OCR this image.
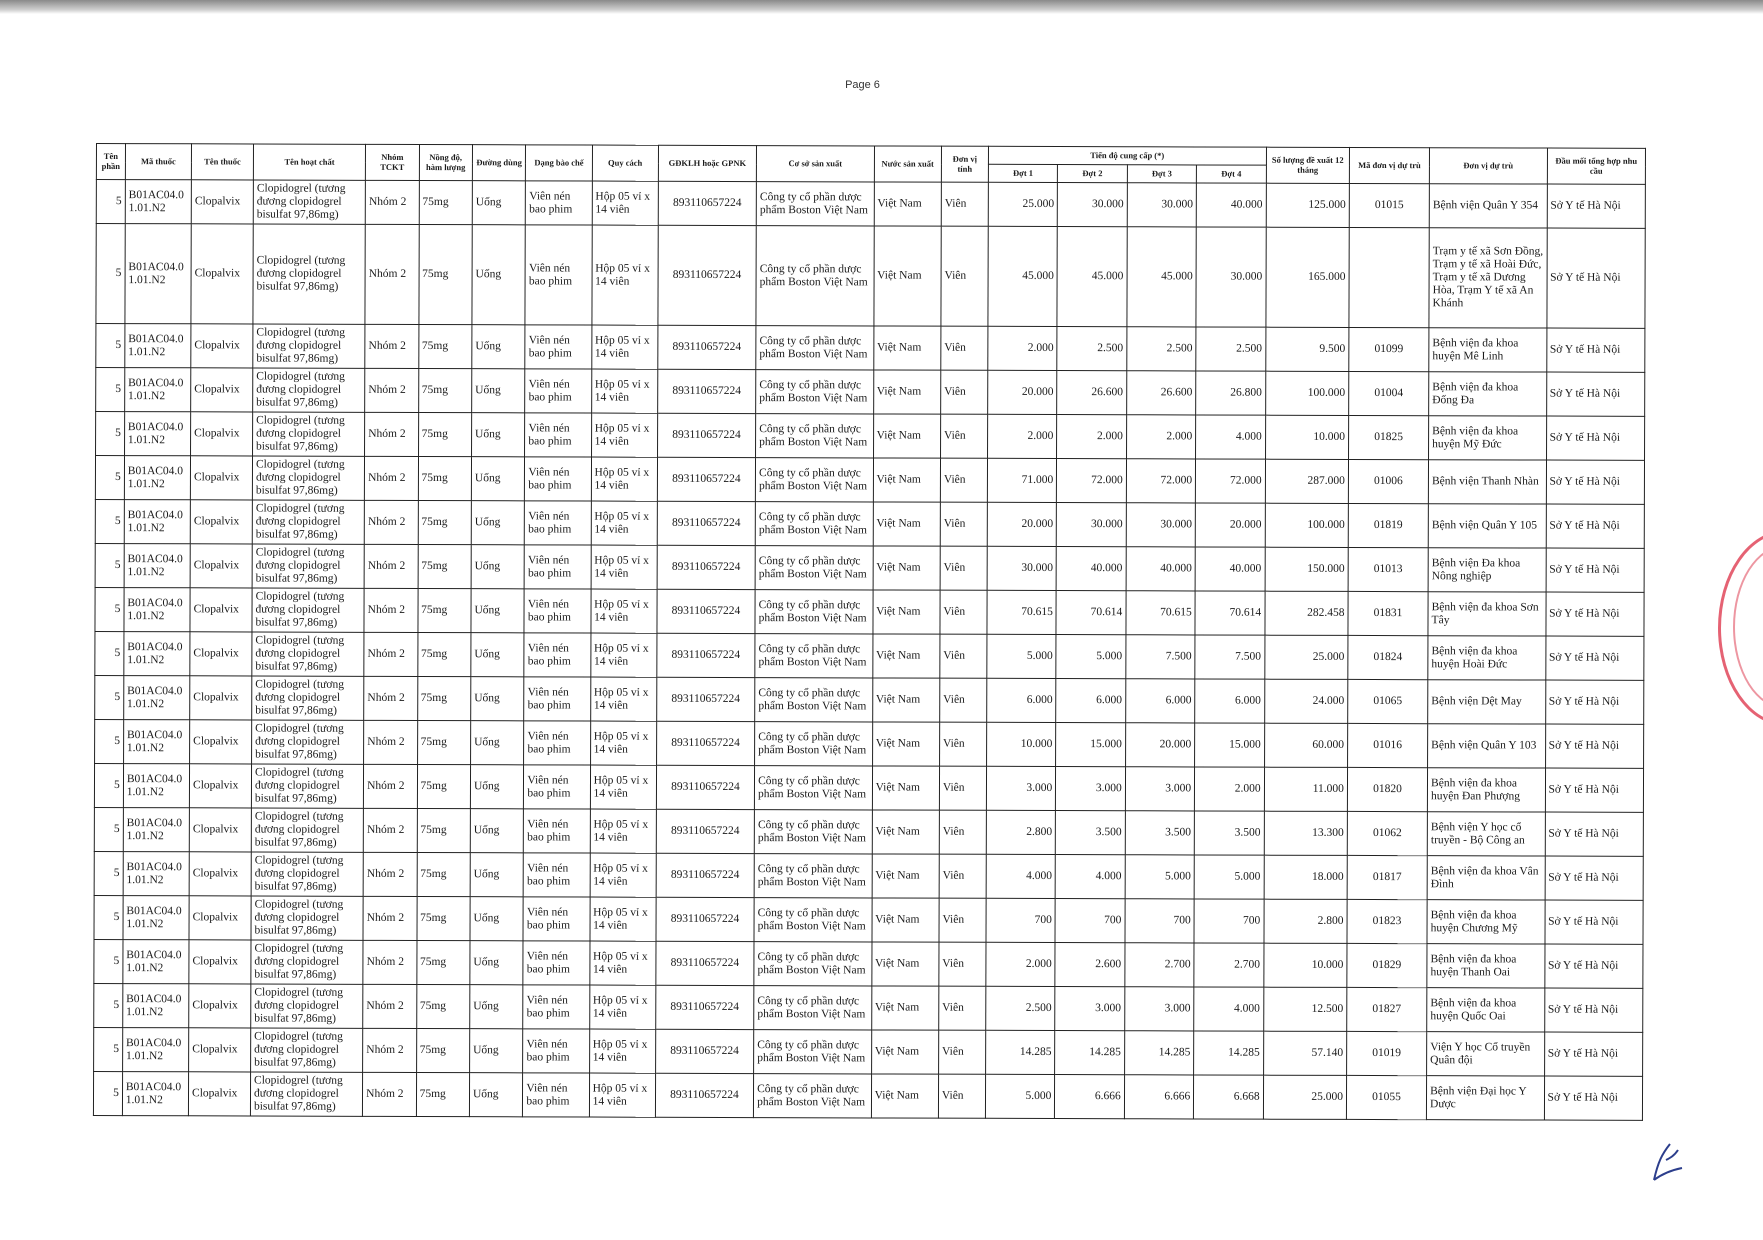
Page 6
Tên phần	Mã thuốc	Tên thuốc	Tên hoạt chất	Nhóm TCKT	Nồng độ, hàm lượng	Đường dùng	Dạng bào chế	Quy cách	GĐKLH hoặc GPNK	Cơ sở sản xuất	Nước sản xuất	Đơn vị tính	Tiến độ cung cấp (*)				Số lượng đề xuất 12 tháng	Mã đơn vị dự trù	Đơn vị dự trù	Đầu mối tổng hợp nhu cầu
													Đợt 1	Đợt 2	Đợt 3	Đợt 4				
5	B01AC04.0 1.01.N2	Clopalvix	Clopidogrel (tương đương clopidogrel bisulfat 97,86mg)	Nhóm 2	75mg	Uống	Viên nén bao phim	Hộp 05 vỉ x 14 viên	893110657224	Công ty cổ phần dược phẩm Boston Việt Nam	Việt Nam	Viên	25.000	30.000	30.000	40.000	125.000	01015	Bệnh viện Quân Y 354	Sở Y tế Hà Nội
5	B01AC04.0 1.01.N2	Clopalvix	Clopidogrel (tương đương clopidogrel bisulfat 97,86mg)	Nhóm 2	75mg	Uống	Viên nén bao phim	Hộp 05 vỉ x 14 viên	893110657224	Công ty cổ phần dược phẩm Boston Việt Nam	Việt Nam	Viên	45.000	45.000	45.000	30.000	165.000		Trạm y tế xã Sơn Đồng, Trạm y tế xã Hoài Đức, Trạm y tế xã Dương Hòa, Trạm Y tế xã An Khánh	Sở Y tế Hà Nội
5	B01AC04.0 1.01.N2	Clopalvix	Clopidogrel (tương đương clopidogrel bisulfat 97,86mg)	Nhóm 2	75mg	Uống	Viên nén bao phim	Hộp 05 vỉ x 14 viên	893110657224	Công ty cổ phần dược phẩm Boston Việt Nam	Việt Nam	Viên	2.000	2.500	2.500	2.500	9.500	01099	Bệnh viện đa khoa huyện Mê Linh	Sở Y tế Hà Nội
5	B01AC04.0 1.01.N2	Clopalvix	Clopidogrel (tương đương clopidogrel bisulfat 97,86mg)	Nhóm 2	75mg	Uống	Viên nén bao phim	Hộp 05 vỉ x 14 viên	893110657224	Công ty cổ phần dược phẩm Boston Việt Nam	Việt Nam	Viên	20.000	26.600	26.600	26.800	100.000	01004	Bệnh viện đa khoa Đống Đa	Sở Y tế Hà Nội
5	B01AC04.0 1.01.N2	Clopalvix	Clopidogrel (tương đương clopidogrel bisulfat 97,86mg)	Nhóm 2	75mg	Uống	Viên nén bao phim	Hộp 05 vỉ x 14 viên	893110657224	Công ty cổ phần dược phẩm Boston Việt Nam	Việt Nam	Viên	2.000	2.000	2.000	4.000	10.000	01825	Bệnh viện đa khoa huyện Mỹ Đức	Sở Y tế Hà Nội
5	B01AC04.0 1.01.N2	Clopalvix	Clopidogrel (tương đương clopidogrel bisulfat 97,86mg)	Nhóm 2	75mg	Uống	Viên nén bao phim	Hộp 05 vỉ x 14 viên	893110657224	Công ty cổ phần dược phẩm Boston Việt Nam	Việt Nam	Viên	71.000	72.000	72.000	72.000	287.000	01006	Bệnh viện Thanh Nhàn	Sở Y tế Hà Nội
5	B01AC04.0 1.01.N2	Clopalvix	Clopidogrel (tương đương clopidogrel bisulfat 97,86mg)	Nhóm 2	75mg	Uống	Viên nén bao phim	Hộp 05 vỉ x 14 viên	893110657224	Công ty cổ phần dược phẩm Boston Việt Nam	Việt Nam	Viên	20.000	30.000	30.000	20.000	100.000	01819	Bệnh viện Quân Y 105	Sở Y tế Hà Nội
5	B01AC04.0 1.01.N2	Clopalvix	Clopidogrel (tương đương clopidogrel bisulfat 97,86mg)	Nhóm 2	75mg	Uống	Viên nén bao phim	Hộp 05 vỉ x 14 viên	893110657224	Công ty cổ phần dược phẩm Boston Việt Nam	Việt Nam	Viên	30.000	40.000	40.000	40.000	150.000	01013	Bệnh viện Đa khoa Nông nghiệp	Sở Y tế Hà Nội
5	B01AC04.0 1.01.N2	Clopalvix	Clopidogrel (tương đương clopidogrel bisulfat 97,86mg)	Nhóm 2	75mg	Uống	Viên nén bao phim	Hộp 05 vỉ x 14 viên	893110657224	Công ty cổ phần dược phẩm Boston Việt Nam	Việt Nam	Viên	70.615	70.614	70.615	70.614	282.458	01831	Bệnh viện đa khoa Sơn Tây	Sở Y tế Hà Nội
5	B01AC04.0 1.01.N2	Clopalvix	Clopidogrel (tương đương clopidogrel bisulfat 97,86mg)	Nhóm 2	75mg	Uống	Viên nén bao phim	Hộp 05 vỉ x 14 viên	893110657224	Công ty cổ phần dược phẩm Boston Việt Nam	Việt Nam	Viên	5.000	5.000	7.500	7.500	25.000	01824	Bệnh viện đa khoa huyện Hoài Đức	Sở Y tế Hà Nội
5	B01AC04.0 1.01.N2	Clopalvix	Clopidogrel (tương đương clopidogrel bisulfat 97,86mg)	Nhóm 2	75mg	Uống	Viên nén bao phim	Hộp 05 vỉ x 14 viên	893110657224	Công ty cổ phần dược phẩm Boston Việt Nam	Việt Nam	Viên	6.000	6.000	6.000	6.000	24.000	01065	Bệnh viện Dệt May	Sở Y tế Hà Nội
5	B01AC04.0 1.01.N2	Clopalvix	Clopidogrel (tương đương clopidogrel bisulfat 97,86mg)	Nhóm 2	75mg	Uống	Viên nén bao phim	Hộp 05 vỉ x 14 viên	893110657224	Công ty cổ phần dược phẩm Boston Việt Nam	Việt Nam	Viên	10.000	15.000	20.000	15.000	60.000	01016	Bệnh viện Quân Y 103	Sở Y tế Hà Nội
5	B01AC04.0 1.01.N2	Clopalvix	Clopidogrel (tương đương clopidogrel bisulfat 97,86mg)	Nhóm 2	75mg	Uống	Viên nén bao phim	Hộp 05 vỉ x 14 viên	893110657224	Công ty cổ phần dược phẩm Boston Việt Nam	Việt Nam	Viên	3.000	3.000	3.000	2.000	11.000	01820	Bệnh viện đa khoa huyện Đan Phượng	Sở Y tế Hà Nội
5	B01AC04.0 1.01.N2	Clopalvix	Clopidogrel (tương đương clopidogrel bisulfat 97,86mg)	Nhóm 2	75mg	Uống	Viên nén bao phim	Hộp 05 vỉ x 14 viên	893110657224	Công ty cổ phần dược phẩm Boston Việt Nam	Việt Nam	Viên	2.800	3.500	3.500	3.500	13.300	01062	Bệnh viện Y học cổ truyền - Bộ Công an	Sở Y tế Hà Nội
5	B01AC04.0 1.01.N2	Clopalvix	Clopidogrel (tương đương clopidogrel bisulfat 97,86mg)	Nhóm 2	75mg	Uống	Viên nén bao phim	Hộp 05 vỉ x 14 viên	893110657224	Công ty cổ phần dược phẩm Boston Việt Nam	Việt Nam	Viên	4.000	4.000	5.000	5.000	18.000	01817	Bệnh viện đa khoa Vân Đình	Sở Y tế Hà Nội
5	B01AC04.0 1.01.N2	Clopalvix	Clopidogrel (tương đương clopidogrel bisulfat 97,86mg)	Nhóm 2	75mg	Uống	Viên nén bao phim	Hộp 05 vỉ x 14 viên	893110657224	Công ty cổ phần dược phẩm Boston Việt Nam	Việt Nam	Viên	700	700	700	700	2.800	01823	Bệnh viện đa khoa huyện Chương Mỹ	Sở Y tế Hà Nội
5	B01AC04.0 1.01.N2	Clopalvix	Clopidogrel (tương đương clopidogrel bisulfat 97,86mg)	Nhóm 2	75mg	Uống	Viên nén bao phim	Hộp 05 vỉ x 14 viên	893110657224	Công ty cổ phần dược phẩm Boston Việt Nam	Việt Nam	Viên	2.000	2.600	2.700	2.700	10.000	01829	Bệnh viện đa khoa huyện Thanh Oai	Sở Y tế Hà Nội
5	B01AC04.0 1.01.N2	Clopalvix	Clopidogrel (tương đương clopidogrel bisulfat 97,86mg)	Nhóm 2	75mg	Uống	Viên nén bao phim	Hộp 05 vỉ x 14 viên	893110657224	Công ty cổ phần dược phẩm Boston Việt Nam	Việt Nam	Viên	2.500	3.000	3.000	4.000	12.500	01827	Bệnh viện đa khoa huyện Quốc Oai	Sở Y tế Hà Nội
5	B01AC04.0 1.01.N2	Clopalvix	Clopidogrel (tương đương clopidogrel bisulfat 97,86mg)	Nhóm 2	75mg	Uống	Viên nén bao phim	Hộp 05 vỉ x 14 viên	893110657224	Công ty cổ phần dược phẩm Boston Việt Nam	Việt Nam	Viên	14.285	14.285	14.285	14.285	57.140	01019	Viện Y học Cổ truyền Quân đội	Sở Y tế Hà Nội
5	B01AC04.0 1.01.N2	Clopalvix	Clopidogrel (tương đương clopidogrel bisulfat 97,86mg)	Nhóm 2	75mg	Uống	Viên nén bao phim	Hộp 05 vỉ x 14 viên	893110657224	Công ty cổ phần dược phẩm Boston Việt Nam	Việt Nam	Viên	5.000	6.666	6.666	6.668	25.000	01055	Bệnh viện Đại học Y Dược	Sở Y tế Hà Nội
